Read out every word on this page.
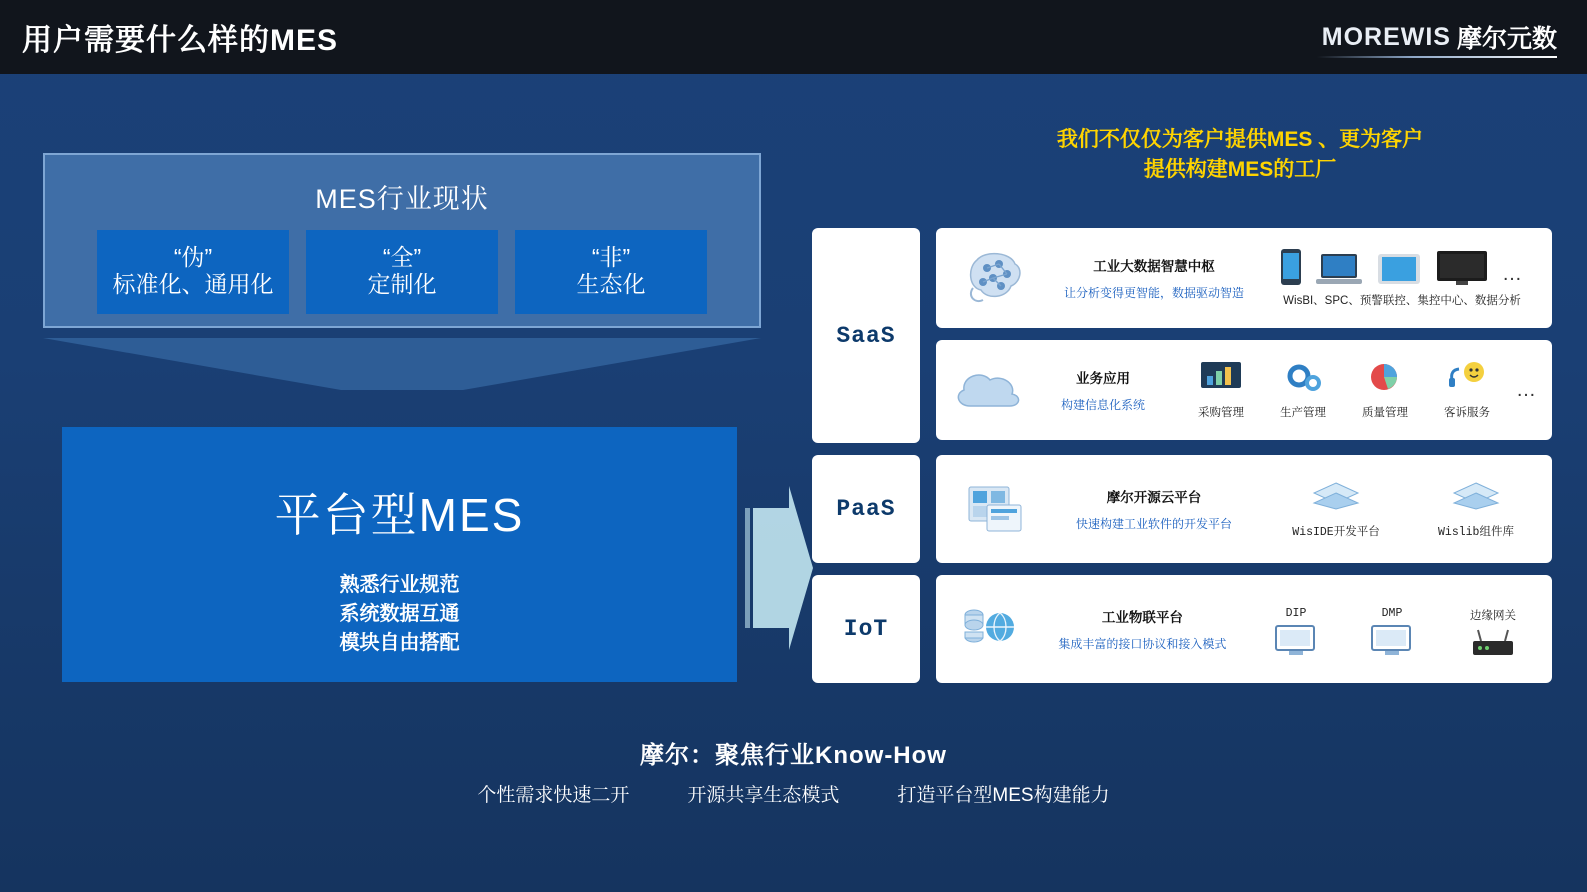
用户需要什么样的MES	MOREWIS 摩尔元数
MES行业现状
“伪”
标准化、通用化
“全”
定制化
“非”
生态化
平台型MES
熟悉行业规范
系统数据互通
模块自由搭配
我们不仅仅为客户提供MES 、更为客户
提供构建MES的工厂
SaaS
工业大数据智慧中枢
让分析变得更智能，数据驱动智造
…
WisBI、SPC、预警联控、集控中心、数据分析
业务应用
构建信息化系统
采购管理	生产管理	质量管理	客诉服务
…
PaaS	摩尔开源云平台
快速构建工业软件的开发平台
WisIDE开发平台	Wislib组件库
IoT	工业物联平台
集成丰富的接口协议和接入模式
DIP	DMP	边缘网关
摩尔：聚焦行业Know-How
个性需求快速二开	开源共享生态模式	打造平台型MES构建能力
